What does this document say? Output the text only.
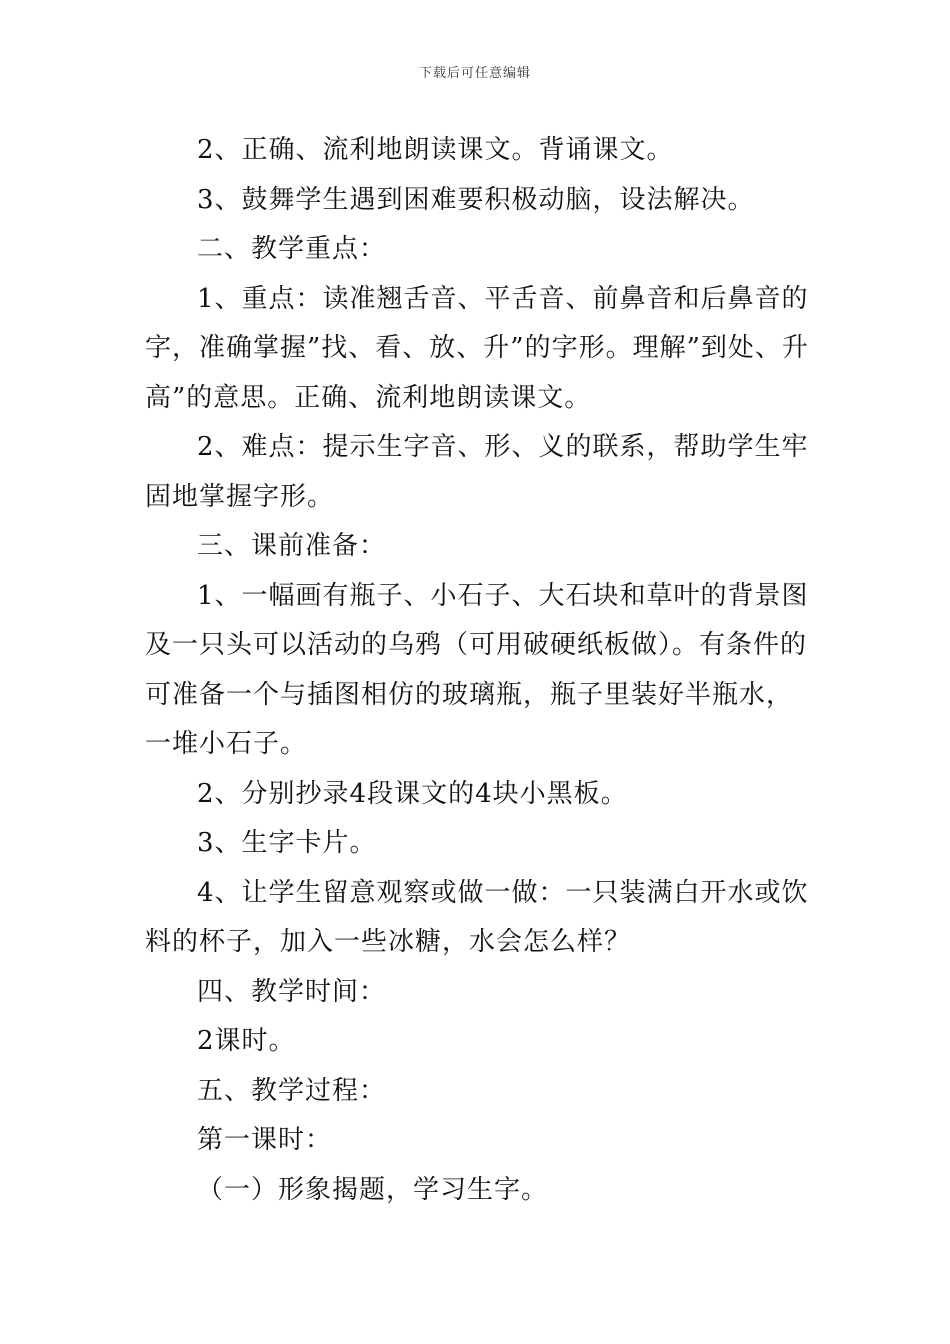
下载后可任意编辑

2、正确、流利地朗读课文。背诵课文。

3、鼓舞学生遇到困难要积极动脑，设法解决。

二、教学重点：

1、重点：读准翘舌音、平舌音、前鼻音和后鼻音的字，准确掌握”找、看、放、升”的字形。理解”到处、升高”的意思。正确、流利地朗读课文。

2、难点：提示生字音、形、义的联系，帮助学生牢固地掌握字形。

三、课前准备：

1、一幅画有瓶子、小石子、大石块和草叶的背景图及一只头可以活动的乌鸦（可用破硬纸板做）。有条件的可准备一个与插图相仿的玻璃瓶，瓶子里装好半瓶水，一堆小石子。

2、分别抄录4段课文的4块小黑板。

3、生字卡片。

4、让学生留意观察或做一做：一只装满白开水或饮料的杯子，加入一些冰糖，水会怎么样？

四、教学时间：

2课时。

五、教学过程：

第一课时：

（一）形象揭题，学习生字。
